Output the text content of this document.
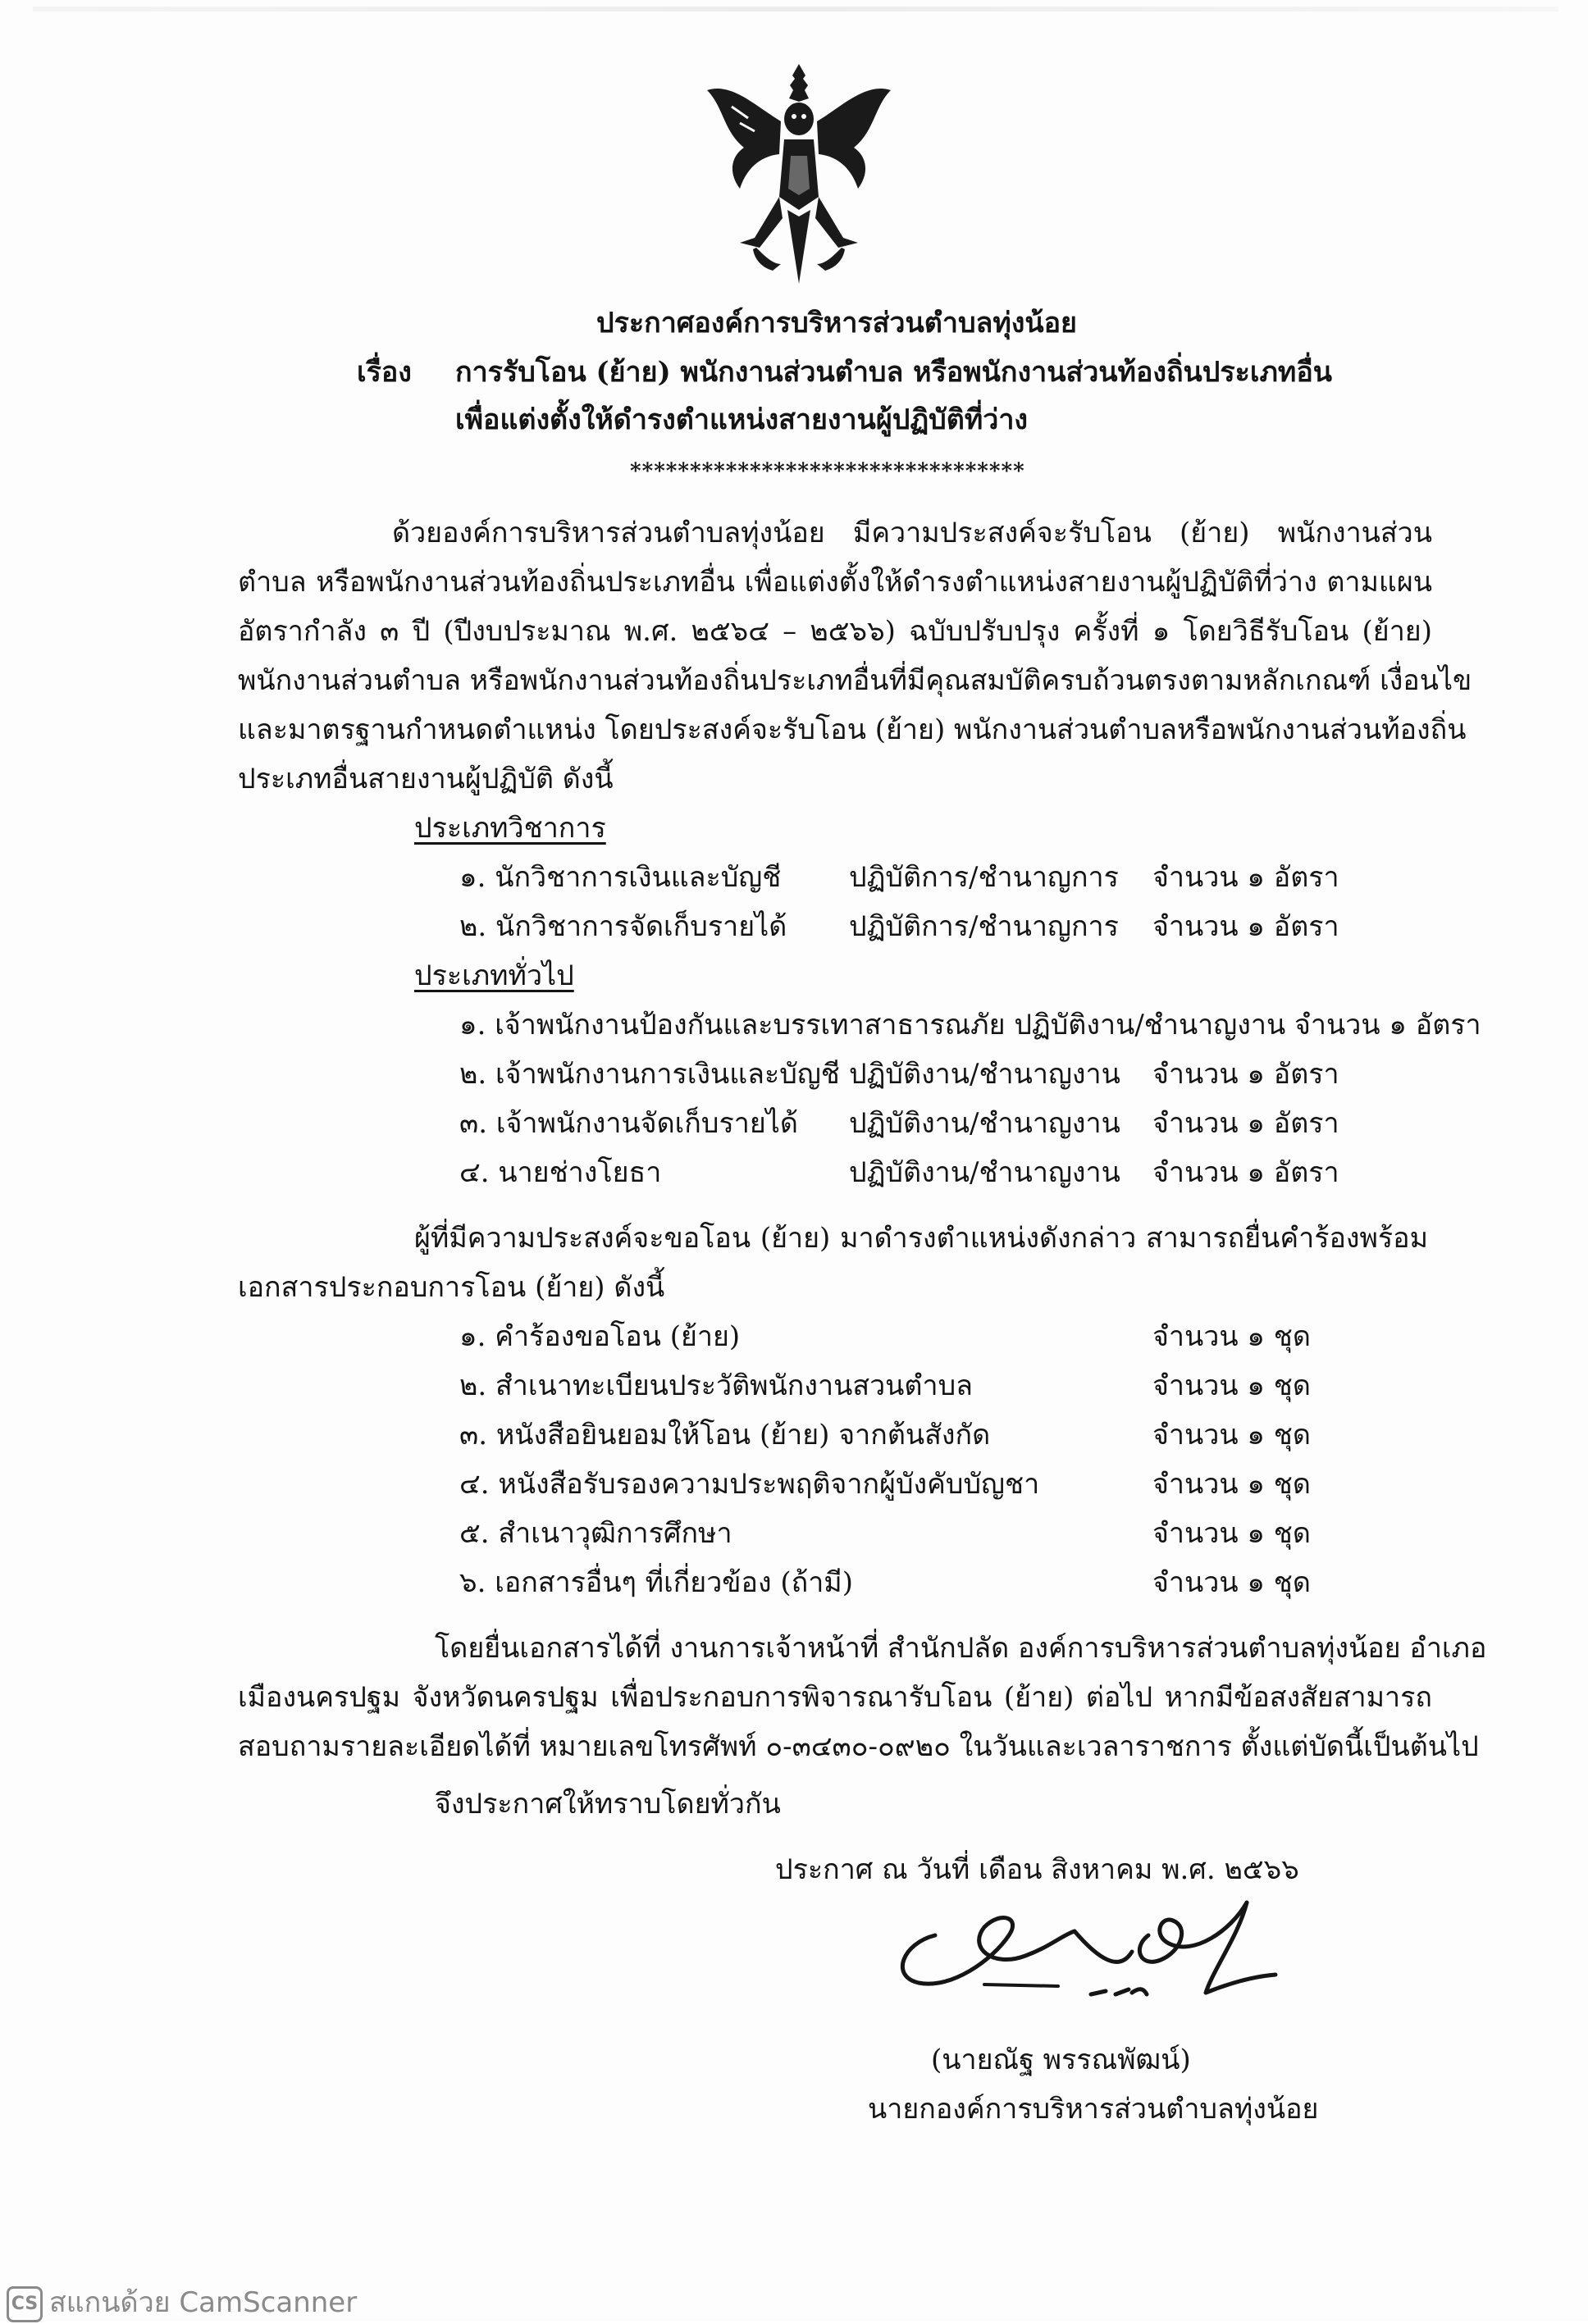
ประกาศองค์การบริหารส่วนตำบลทุ่งน้อย
เรื่อง การรับโอน (ย้าย) พนักงานส่วนตำบล หรือพนักงานส่วนท้องถิ่นประเภทอื่น
เพื่อแต่งตั้งให้ดำรงตำแหน่งสายงานผู้ปฏิบัติที่ว่าง
*********************************
ด้วยองค์การบริหารส่วนตำบลทุ่งน้อย มีความประสงค์จะรับโอน (ย้าย) พนักงานส่วน
ตำบล หรือพนักงานส่วนท้องถิ่นประเภทอื่น เพื่อแต่งตั้งให้ดำรงตำแหน่งสายงานผู้ปฏิบัติที่ว่าง ตามแผน
อัตรากำลัง ๓ ปี (ปีงบประมาณ พ.ศ. ๒๕๖๔ – ๒๕๖๖) ฉบับปรับปรุง ครั้งที่ ๑ โดยวิธีรับโอน (ย้าย)
พนักงานส่วนตำบล หรือพนักงานส่วนท้องถิ่นประเภทอื่นที่มีคุณสมบัติครบถ้วนตรงตามหลักเกณฑ์ เงื่อนไข
และมาตรฐานกำหนดตำแหน่ง โดยประสงค์จะรับโอน (ย้าย) พนักงานส่วนตำบลหรือพนักงานส่วนท้องถิ่น
ประเภทอื่นสายงานผู้ปฏิบัติ ดังนี้
ประเภทวิชาการ
๑. นักวิชาการเงินและบัญชี ปฏิบัติการ/ชำนาญการ จำนวน ๑ อัตรา
๒. นักวิชาการจัดเก็บรายได้ ปฏิบัติการ/ชำนาญการ จำนวน ๑ อัตรา
ประเภททั่วไป
๑. เจ้าพนักงานป้องกันและบรรเทาสาธารณภัย ปฏิบัติงาน/ชำนาญงาน จำนวน ๑ อัตรา
๒. เจ้าพนักงานการเงินและบัญชี ปฏิบัติงาน/ชำนาญงาน จำนวน ๑ อัตรา
๓. เจ้าพนักงานจัดเก็บรายได้ ปฏิบัติงาน/ชำนาญงาน จำนวน ๑ อัตรา
๔. นายช่างโยธา	ปฏิบัติงาน/ชำนาญงาน จำนวน ๑ อัตรา
ผู้ที่มีความประสงค์จะขอโอน (ย้าย) มาดำรงตำแหน่งดังกล่าว สามารถยื่นคำร้องพร้อม
เอกสารประกอบการโอน (ย้าย) ดังนี้
๑. คำร้องขอโอน (ย้าย)	จำนวน ๑ ชุด
๒. สำเนาทะเบียนประวัติพนักงานสวนตำบล	จำนวน ๑ ชุด
๓. หนังสือยินยอมให้โอน (ย้าย) จากต้นสังกัด	จำนวน ๑ ชุด
๔. หนังสือรับรองความประพฤติจากผู้บังคับบัญชา	จำนวน ๑ ชุด
๕. สำเนาวุฒิการศึกษา	จำนวน ๑ ชุด
๖. เอกสารอื่นๆ ที่เกี่ยวข้อง (ถ้ามี)	จำนวน ๑ ชุด
โดยยื่นเอกสารได้ที่ งานการเจ้าหน้าที่ สำนักปลัด องค์การบริหารส่วนตำบลทุ่งน้อย อำเภอ
เมืองนครปฐม จังหวัดนครปฐม เพื่อประกอบการพิจารณารับโอน (ย้าย) ต่อไป หากมีข้อสงสัยสามารถ
สอบถามรายละเอียดได้ที่ หมายเลขโทรศัพท์ ๐-๓๔๓๐-๐๙๒๐ ในวันและเวลาราชการ ตั้งแต่บัดนี้เป็นต้นไป
จึงประกาศให้ทราบโดยทั่วกัน
ประกาศ ณ วันที่ เดือน สิงหาคม พ.ศ. ๒๕๖๖
(นายณัฐ พรรณพัฒน์)
นายกองค์การบริหารส่วนตำบลทุ่งน้อย
CS สแกนด้วย CamScanner
